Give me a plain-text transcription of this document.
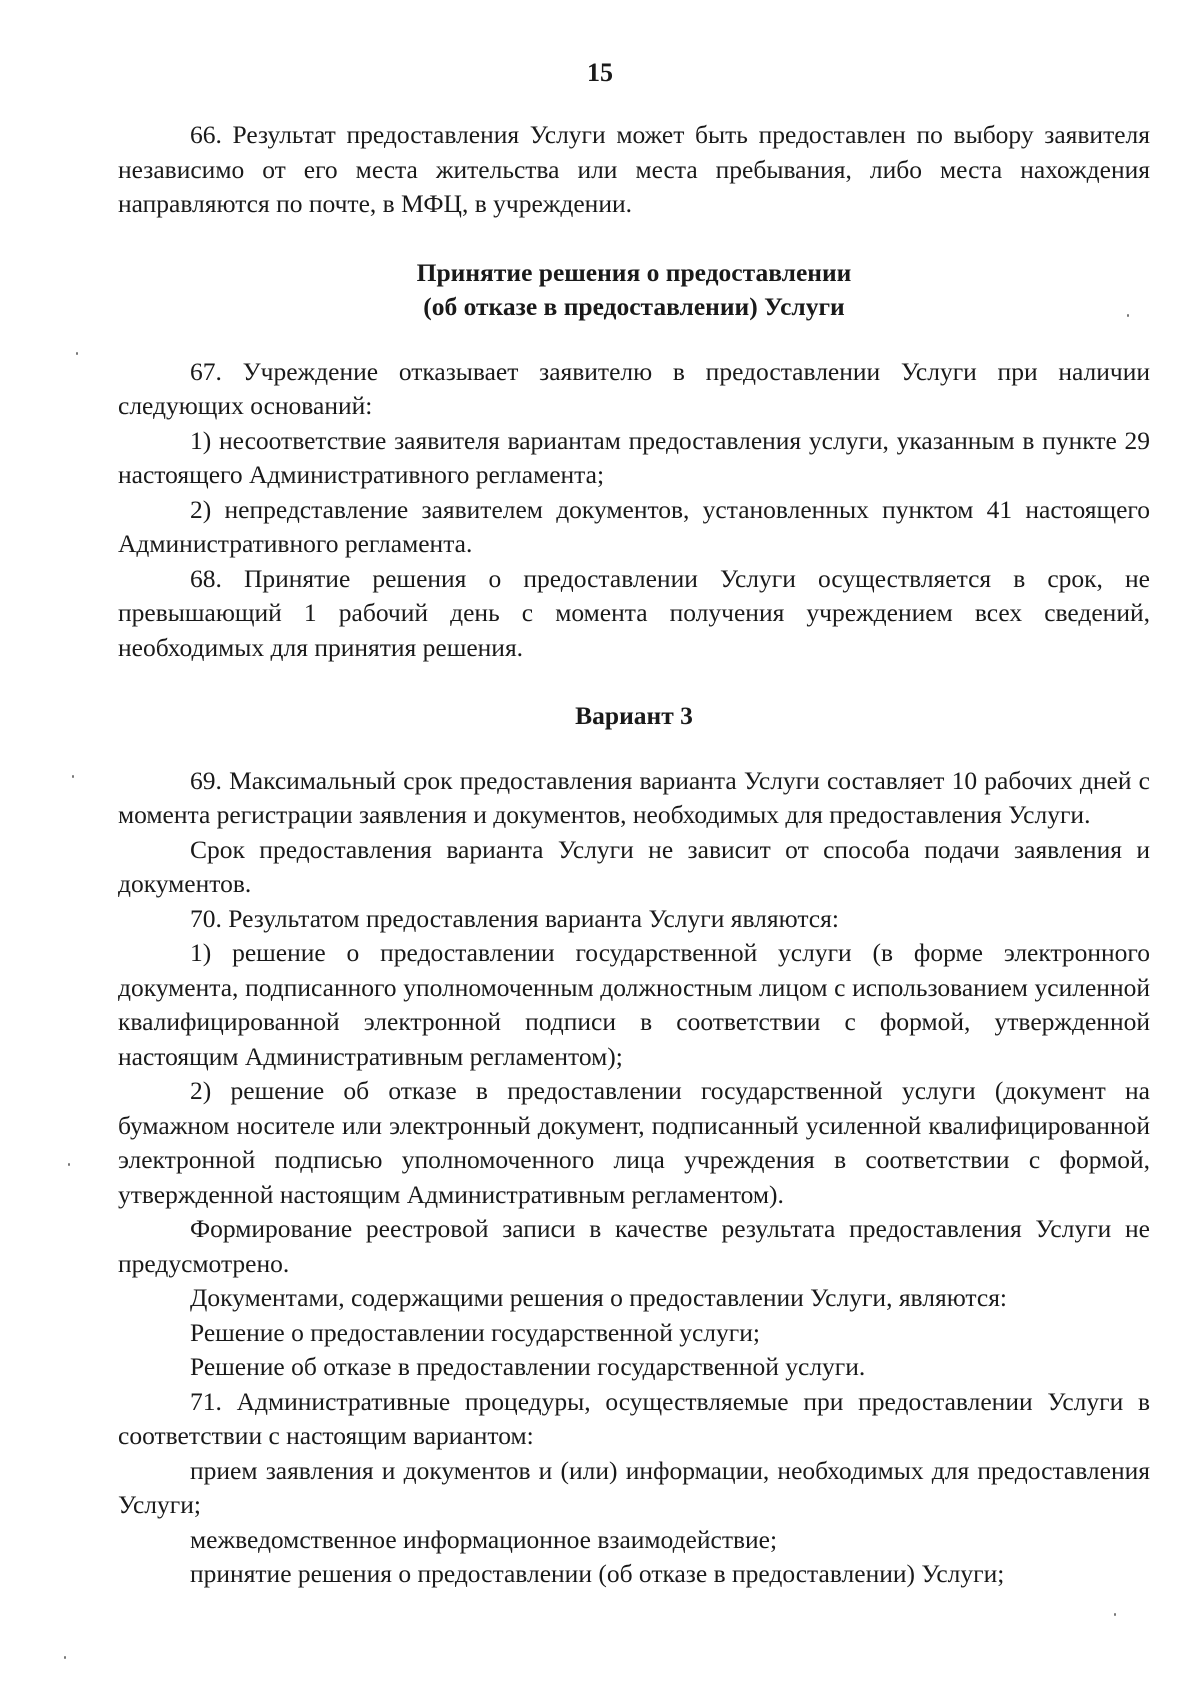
15

66. Результат предоставления Услуги может быть предоставлен по выбору заявителя независимо от его места жительства или места пребывания, либо места нахождения направляются по почте, в МФЦ, в учреждении.

Принятие решения о предоставлении
(об отказе в предоставлении) Услуги

67. Учреждение отказывает заявителю в предоставлении Услуги при наличии следующих оснований:

1) несоответствие заявителя вариантам предоставления услуги, указанным в пункте 29 настоящего Административного регламента;

2) непредставление заявителем документов, установленных пунктом 41 настоящего Административного регламента.

68. Принятие решения о предоставлении Услуги осуществляется в срок, не превышающий 1 рабочий день с момента получения учреждением всех сведений, необходимых для принятия решения.

Вариант 3

69. Максимальный срок предоставления варианта Услуги составляет 10 рабочих дней с момента регистрации заявления и документов, необходимых для предоставления Услуги.

Срок предоставления варианта Услуги не зависит от способа подачи заявления и документов.

70. Результатом предоставления варианта Услуги являются:

1) решение о предоставлении государственной услуги (в форме электронного документа, подписанного уполномоченным должностным лицом с использованием усиленной квалифицированной электронной подписи в соответствии с формой, утвержденной настоящим Административным регламентом);

2) решение об отказе в предоставлении государственной услуги (документ на бумажном носителе или электронный документ, подписанный усиленной квалифицированной электронной подписью уполномоченного лица учреждения в соответствии с формой, утвержденной настоящим Административным регламентом).

Формирование реестровой записи в качестве результата предоставления Услуги не предусмотрено.

Документами, содержащими решения о предоставлении Услуги, являются:

Решение о предоставлении государственной услуги;

Решение об отказе в предоставлении государственной услуги.

71. Административные процедуры, осуществляемые при предоставлении Услуги в соответствии с настоящим вариантом:

прием заявления и документов и (или) информации, необходимых для предоставления Услуги;

межведомственное информационное взаимодействие;

принятие решения о предоставлении (об отказе в предоставлении) Услуги;
